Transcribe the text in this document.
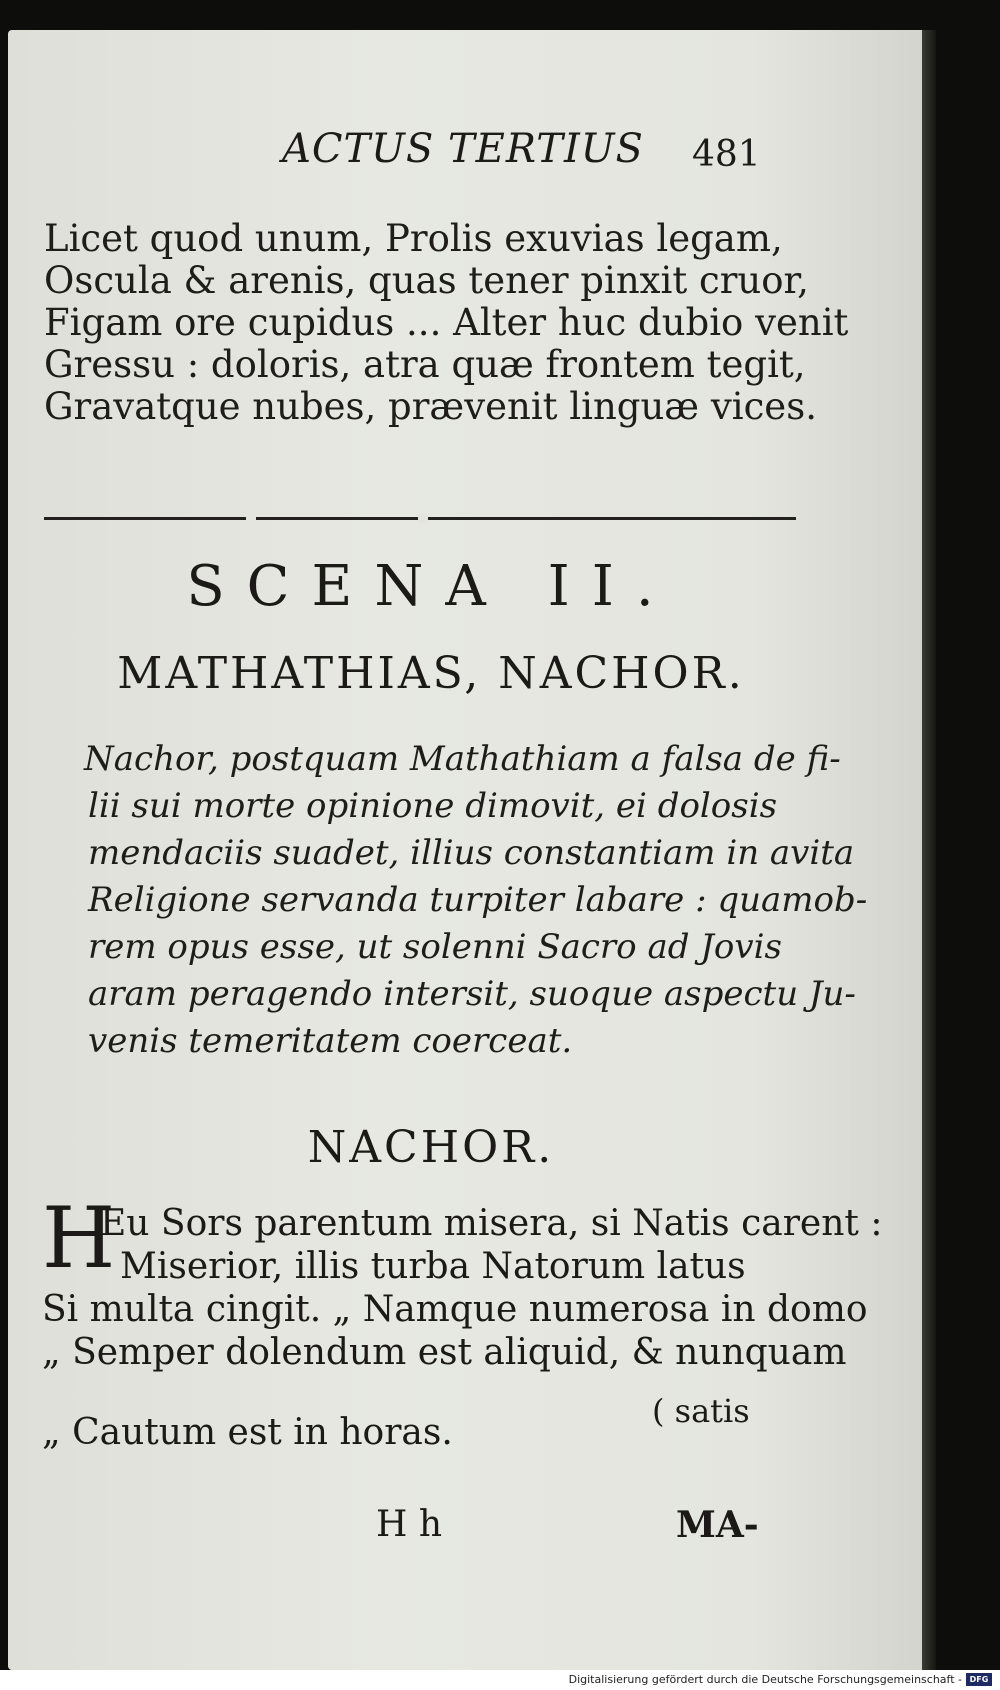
ACTUS TERTIUS 481
Licet quod unum, Prolis exuvias legam,
Oscula & arenis, quas tener pinxit cruor,
Figam ore cupidus ... Alter huc dubio venit
Gressu : doloris, atra quæ frontem tegit,
Gravatque nubes, prævenit linguæ vices.
SCENA II.
MATHATHIAS, NACHOR.
Nachor, postquam Mathathiam a falsa de fi-
lii sui morte opinione dimovit, ei dolosis
mendaciis suadet, illius constantiam in avita
Religione servanda turpiter labare : quamob-
rem opus esse, ut solenni Sacro ad Jovis
aram peragendo intersit, suoque aspectu Ju-
venis temeritatem coerceat.
NACHOR.
H
Eu Sors parentum misera, si Natis carent :
Miserior, illis turba Natorum latus
Si multa cingit. „ Namque numerosa in domo
„ Semper dolendum est aliquid, & nunquam
( satis
„ Cautum est in horas.
H h	MA-
Digitalisierung gefördert durch die Deutsche Forschungsgemeinschaft - DFG
